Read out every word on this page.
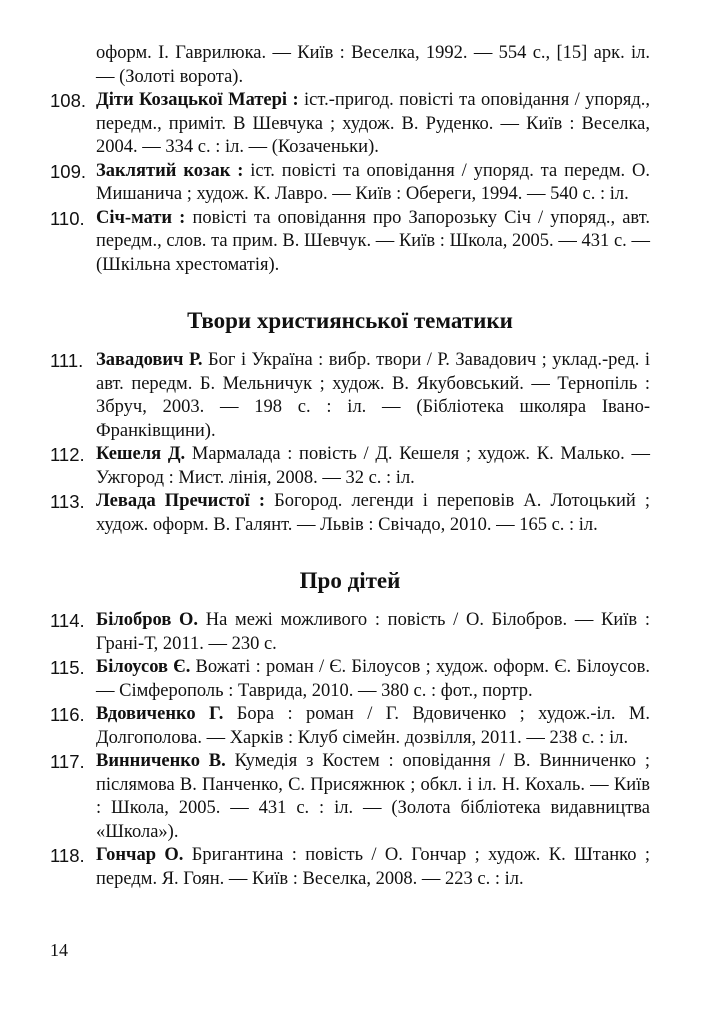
оформ. І. Гаврилюка. — Київ : Веселка, 1992. — 554 с., [15] арк. іл. — (Золоті ворота).
108. Діти Козацької Матері : іст.-пригод. повісті та оповідання / упоряд., передм., приміт. В Шевчука ; худож. В. Руденко. — Київ : Веселка, 2004. — 334 с. : іл. — (Козаченьки).
109. Заклятий козак : іст. повісті та оповідання / упоряд. та передм. О. Мишанича ; худож. К. Лавро. — Київ : Обереги, 1994. — 540 с. : іл.
110. Січ-мати : повісті та оповідання про Запорозьку Січ / упоряд., авт. передм., слов. та прим. В. Шевчук. — Київ : Школа, 2005. — 431 с. — (Шкільна хрестоматія).
Твори християнської тематики
111. Завадович Р. Бог і Україна : вибр. твори / Р. Завадович ; уклад.-ред. і авт. передм. Б. Мельничук ; худож. В. Якубовський. — Тернопіль : Збруч, 2003. — 198 с. : іл. — (Бібліотека школяра Івано-Франківщини).
112. Кешеля Д. Мармалада : повість / Д. Кешеля ; худож. К. Малько. — Ужгород : Мист. лінія, 2008. — 32 с. : іл.
113. Левада Пречистої : Богород. легенди і переповів А. Лотоцький ; худож. оформ. В. Галянт. — Львів : Свічадо, 2010. — 165 с. : іл.
Про дітей
114. Білобров О. На межі можливого : повість / О. Білобров. — Київ : Грані-Т, 2011. — 230 с.
115. Білоусов Є. Вожаті : роман / Є. Білоусов ; худож. оформ. Є. Білоусов. — Сімферополь : Таврида, 2010. — 380 с. : фот., портр.
116. Вдовиченко Г. Бора : роман / Г. Вдовиченко ; худож.-іл. М. Долгополова. — Харків : Клуб сімейн. дозвілля, 2011. — 238 с. : іл.
117. Винниченко В. Кумедія з Костем : оповідання / В. Винниченко ; післямова В. Панченко, С. Присяжнюк ; обкл. і іл. Н. Кохаль. — Київ : Школа, 2005. — 431 с. : іл. — (Золота бібліотека видавництва «Школа»).
118. Гончар О. Бригантина : повість / О. Гончар ; худож. К. Штанко ; передм. Я. Гоян. — Київ : Веселка, 2008. — 223 с. : іл.
14
